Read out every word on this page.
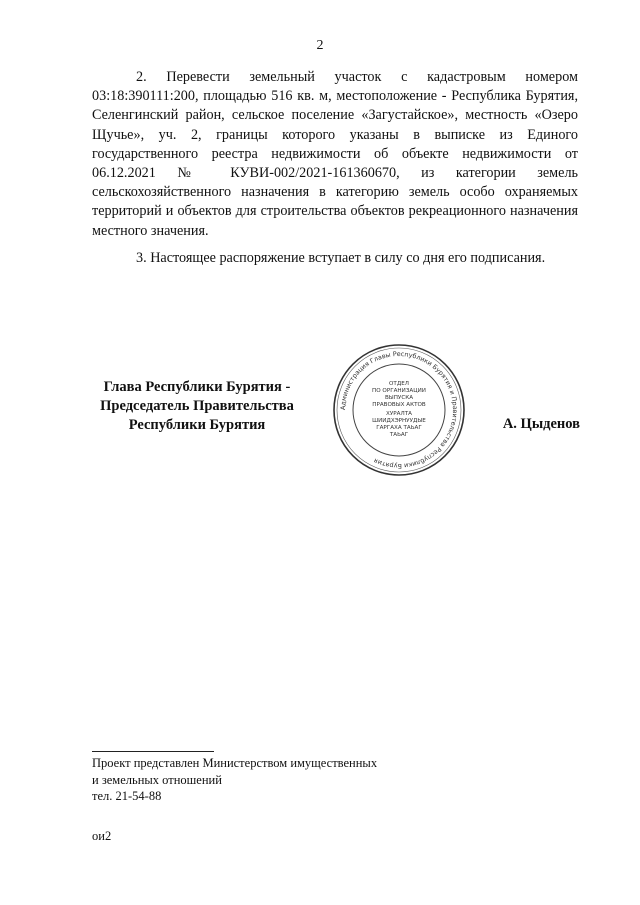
2

2. Перевести земельный участок с кадастровым номером 03:18:390111:200, площадью 516 кв. м, местоположение - Республика Бурятия, Селенгинский район, сельское поселение «Загустайское», местность «Озеро Щучье», уч. 2, границы которого указаны в выписке из Единого государственного реестра недвижимости об объекте недвижимости от 06.12.2021 № КУВИ-002/2021-161360670, из категории земель сельскохозяйственного назначения в категорию земель особо охраняемых территорий и объектов для строительства объектов рекреационного назначения местного значения.

3. Настоящее распоряжение вступает в силу со дня его подписания.

Глава Республики Бурятия -
Председатель Правительства
Республики Бурятия
Администрация Главы Республики Бурятия и Правительства Республики Бурятия
ОТДЕЛ
ПО ОРГАНИЗАЦИИ
ВЫПУСКА
ПРАВОВЫХ АКТОВ
ХУРАЛТА
ШИИДХЭРНУУДЫЕ
ГАРГАХА ТАЬАГ
ТАЬАГ
А. Цыденов
Проект представлен Министерством имущественных
и земельных отношений
тел. 21-54-88
ои2
